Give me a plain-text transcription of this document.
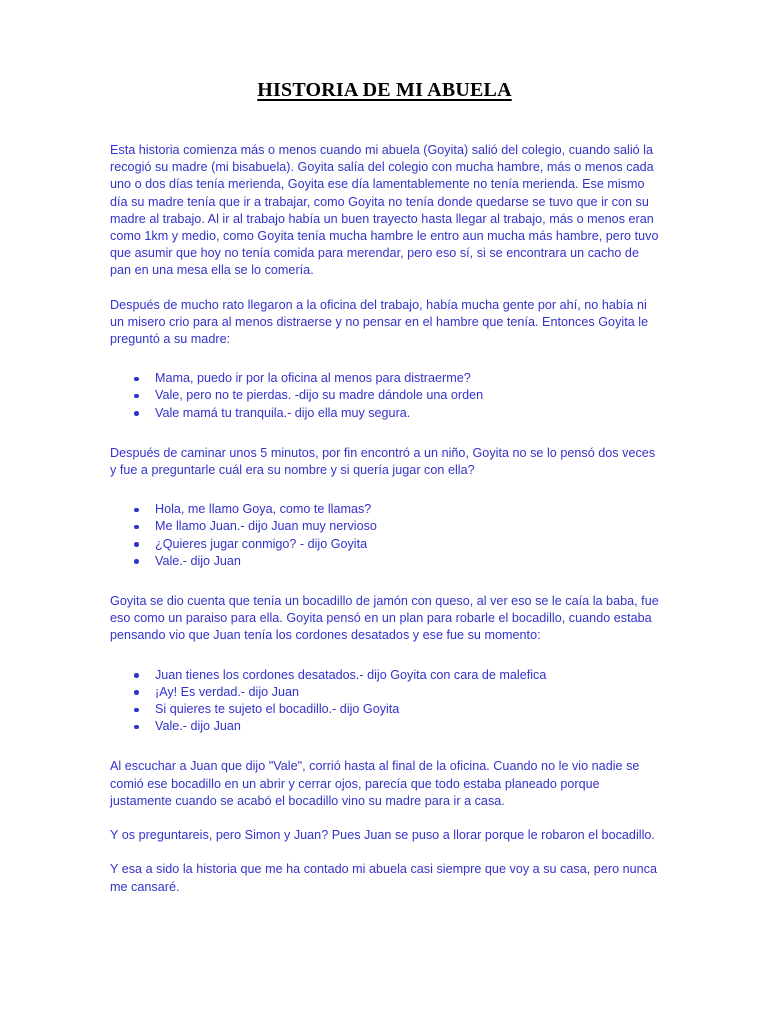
HISTORIA DE MI ABUELA

Esta historia comienza más o menos cuando mi abuela (Goyita) salió del colegio, cuando salió la recogió su madre (mi bisabuela). Goyita salía del colegio con mucha hambre, más o menos cada uno o dos días tenía merienda, Goyita ese día lamentablemente no tenía merienda. Ese mismo día su madre tenía que ir a trabajar, como Goyita no tenía donde quedarse se tuvo que ir con su madre al trabajo. Al ir al trabajo había un buen trayecto hasta llegar al trabajo, más o menos eran como 1km y medio, como Goyita tenía mucha hambre le entro aun mucha más hambre, pero tuvo que asumir que hoy no tenía comida para merendar, pero eso sí, si se encontrara un cacho de pan en una mesa ella se lo comería.

Después de mucho rato llegaron a la oficina del trabajo, había mucha gente por ahí, no había ni un misero crio para al menos distraerse y no pensar en el hambre que tenía. Entonces Goyita le preguntó a su madre:

Mama, puedo ir por la oficina al menos para distraerme?
Vale, pero no te pierdas. -dijo su madre dándole una orden
Vale mamá tu tranquila.- dijo ella muy segura.

Después de caminar unos 5 minutos, por fin encontró a un niño, Goyita no se lo pensó dos veces y fue a preguntarle cuál era su nombre y si quería jugar con ella?

Hola, me llamo Goya, como te llamas?
Me llamo Juan.- dijo Juan muy nervioso
¿Quieres jugar conmigo? - dijo Goyita
Vale.- dijo Juan

Goyita se dio cuenta que tenía un bocadillo de jamón con queso, al ver eso se le caía la baba, fue eso como un paraiso para ella. Goyita pensó en un plan para robarle el bocadillo, cuando estaba pensando vio que Juan tenía los cordones desatados y ese fue su momento:

Juan tienes los cordones desatados.- dijo Goyita con cara de malefica
¡Ay! Es verdad.- dijo Juan
Si quieres te sujeto el bocadillo.- dijo Goyita
Vale.- dijo Juan

Al escuchar a Juan que dijo "Vale", corrió hasta al final de la oficina. Cuando no le vio nadie se comió ese bocadillo en un abrir y cerrar ojos, parecía que todo estaba planeado porque justamente cuando se acabó el bocadillo vino su madre para ir a casa.

Y os preguntareis, pero Simon y Juan? Pues Juan se puso a llorar porque le robaron el bocadillo.

Y esa a sido la historia que me ha contado mi abuela casi siempre que voy a su casa, pero nunca me cansaré.
